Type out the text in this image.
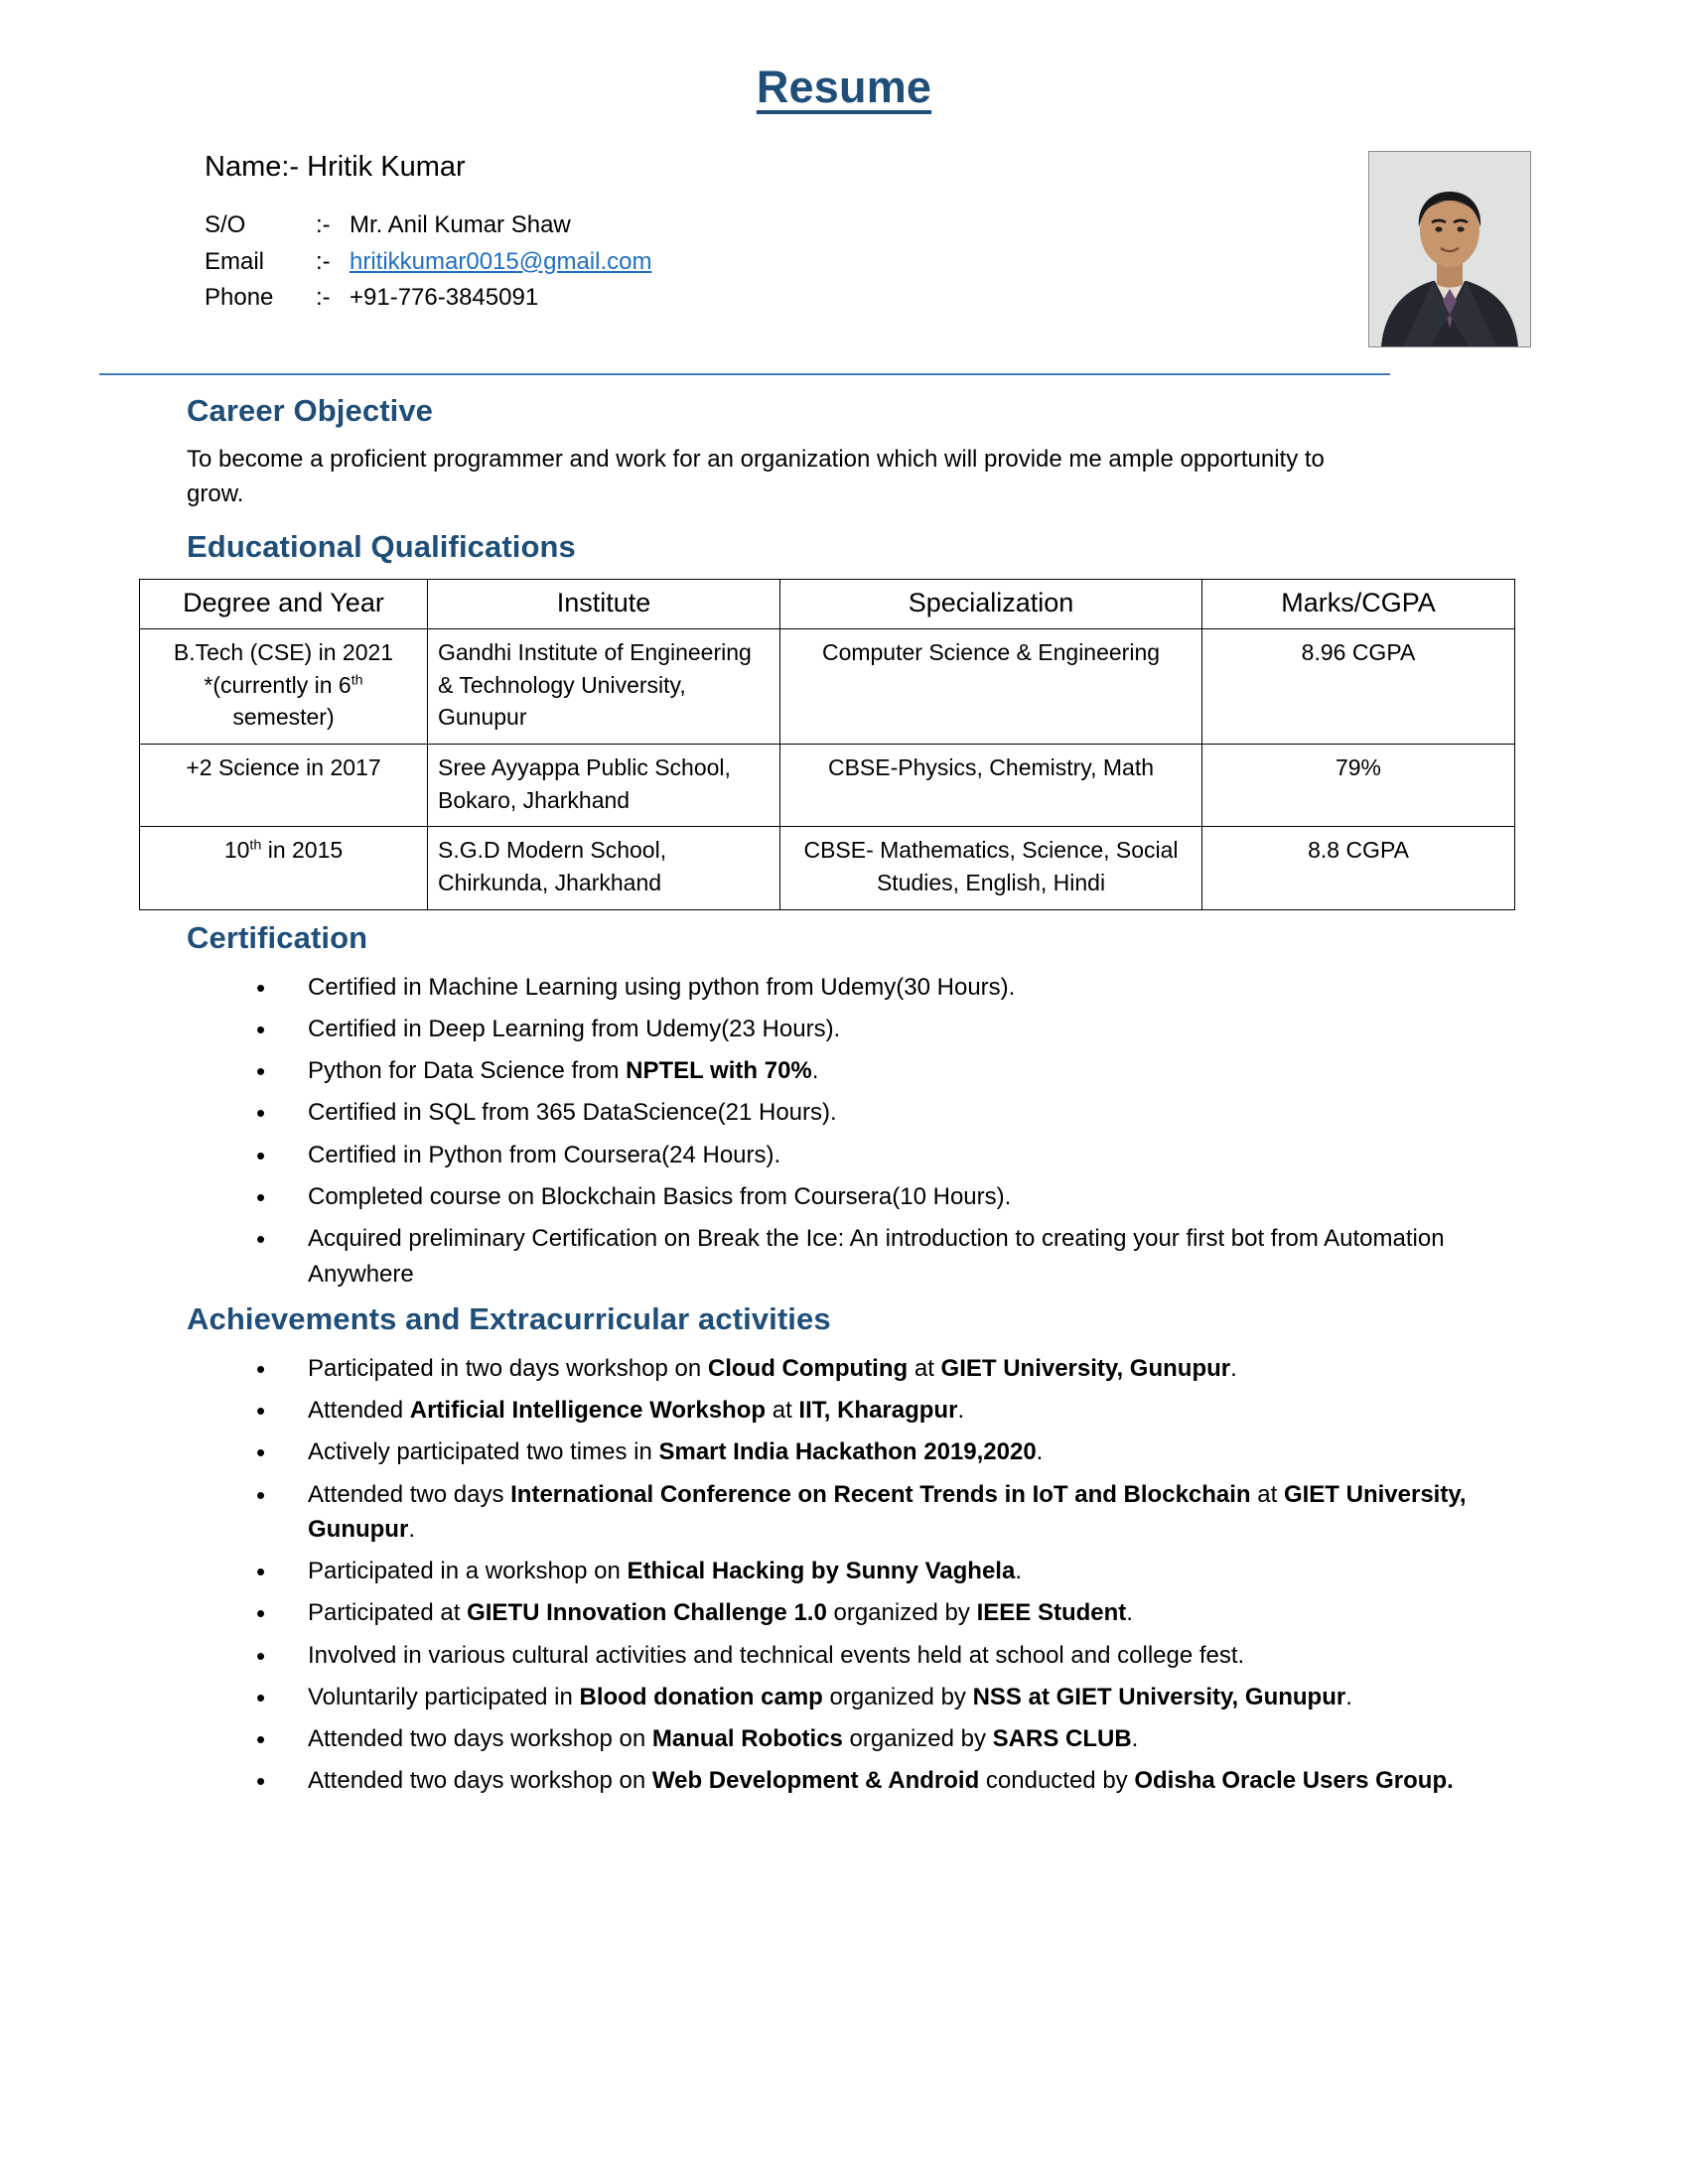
Resume
Name:- Hritik Kumar
S/O	:-	Mr. Anil Kumar Shaw
Email	:-	hritikkumar0015@gmail.com
Phone	:-	+91-776-3845091
Career Objective

To become a proficient programmer and work for an organization which will provide me ample opportunity to grow.

Educational Qualifications
Degree and Year	Institute	Specialization	Marks/CGPA
B.Tech (CSE) in 2021
*(currently in 6th
semester)	Gandhi Institute of Engineering & Technology University, Gunupur	Computer Science & Engineering	8.96 CGPA
+2 Science in 2017	Sree Ayyappa Public School, Bokaro, Jharkhand	CBSE-Physics, Chemistry, Math	79%
10th in 2015	S.G.D Modern School, Chirkunda, Jharkhand	CBSE- Mathematics, Science, Social Studies, English, Hindi	8.8 CGPA
Certification
• Certified in Machine Learning using python from Udemy(30 Hours).
• Certified in Deep Learning from Udemy(23 Hours).
• Python for Data Science from NPTEL with 70%.
• Certified in SQL from 365 DataScience(21 Hours).
• Certified in Python from Coursera(24 Hours).
• Completed course on Blockchain Basics from Coursera(10 Hours).
• Acquired preliminary Certification on Break the Ice: An introduction to creating your first bot from Automation Anywhere
Achievements and Extracurricular activities
• Participated in two days workshop on Cloud Computing at GIET University, Gunupur.
• Attended Artificial Intelligence Workshop at IIT, Kharagpur.
• Actively participated two times in Smart India Hackathon 2019,2020.
• Attended two days International Conference on Recent Trends in IoT and Blockchain at GIET University, Gunupur.
• Participated in a workshop on Ethical Hacking by Sunny Vaghela.
• Participated at GIETU Innovation Challenge 1.0 organized by IEEE Student.
• Involved in various cultural activities and technical events held at school and college fest.
• Voluntarily participated in Blood donation camp organized by NSS at GIET University, Gunupur.
• Attended two days workshop on Manual Robotics organized by SARS CLUB.
• Attended two days workshop on Web Development & Android conducted by Odisha Oracle Users Group.
